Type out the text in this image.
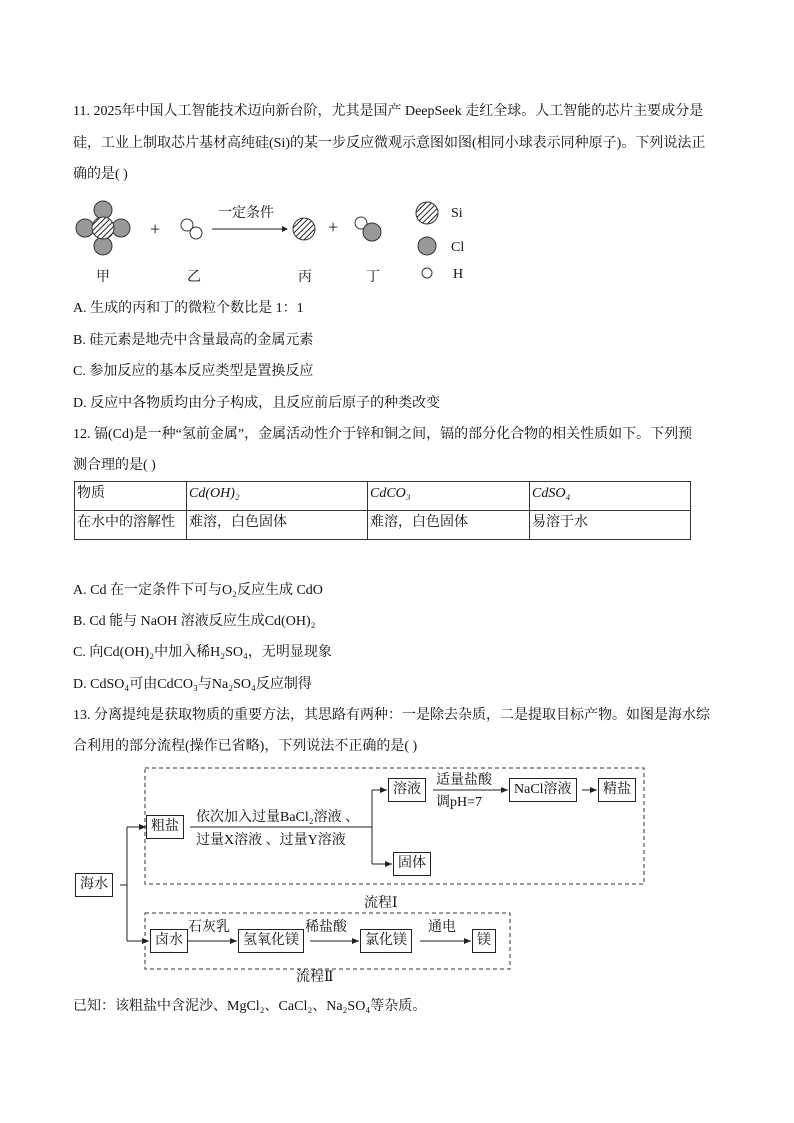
11. 2025年中国人工智能技术迈向新台阶，尤其是国产 DeepSeek 走红全球。人工智能的芯片主要成分是
硅，工业上制取芯片基材高纯硅(Si)的某一步反应微观示意图如图(相同小球表示同种原子)。下列说法正
确的是( )
一定条件
+	+
甲	乙	丙	丁
Si
Cl
H
A. 生成的丙和丁的微粒个数比是 1：1
B. 硅元素是地壳中含量最高的金属元素
C. 参加反应的基本反应类型是置换反应
D. 反应中各物质均由分子构成，且反应前后原子的种类改变
12. 镉(Cd)是一种“氢前金属”，金属活动性介于锌和铜之间，镉的部分化合物的相关性质如下。下列预
测合理的是( )
物质	Cd(OH)₂	CdCO₃	CdSO₄
在水中的溶解性	难溶，白色固体	难溶，白色固体	易溶于水
A. Cd 在一定条件下可与O₂反应生成 CdO
B. Cd 能与 NaOH 溶液反应生成Cd(OH)₂
C. 向Cd(OH)₂中加入稀H₂SO₄，无明显现象
D. CdSO₄可由CdCO₃与Na₂SO₄反应制得
13. 分离提纯是获取物质的重要方法，其思路有两种：一是除去杂质，二是提取目标产物。如图是海水综
合利用的部分流程(操作已省略)，下列说法不正确的是( )
海水
粗盐
依次加入过量BaCl₂溶液 、
过量X溶液 、过量Y溶液
溶液
适量盐酸
调pH=7
NaCl溶液	精盐
固体
流程Ⅰ
卤水
石灰乳
氢氧化镁
稀盐酸
氯化镁
通电
镁
流程Ⅱ
已知：该粗盐中含泥沙、MgCl₂、CaCl₂、Na₂SO₄等杂质。
